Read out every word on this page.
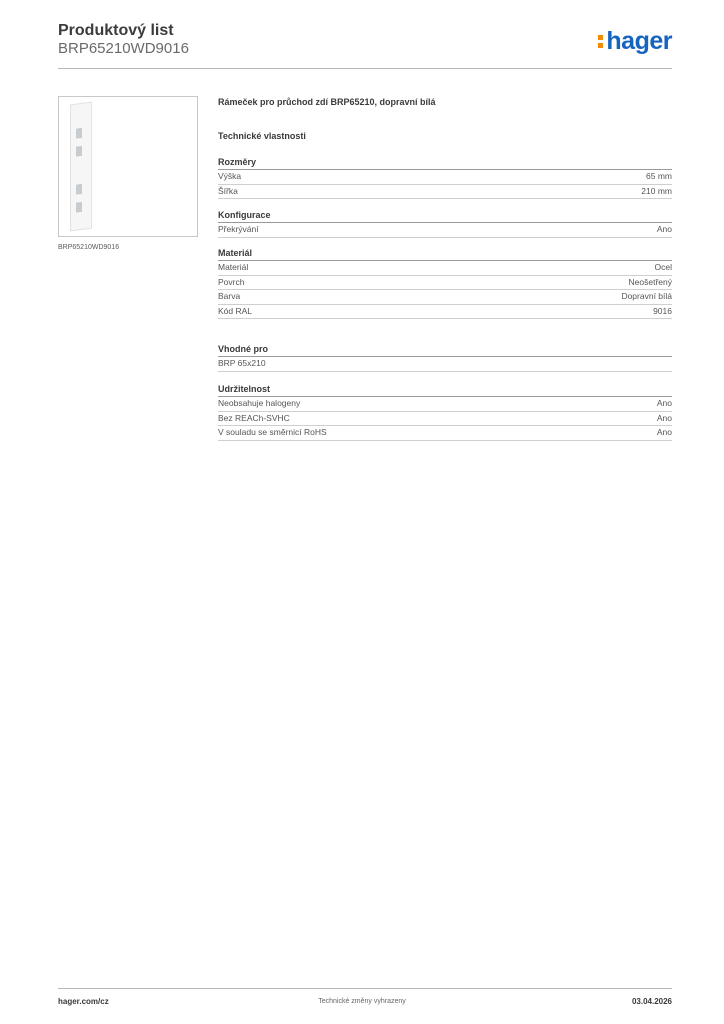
Produktový list
BRP65210WD9016	hager
BRP65210WD9016
Rámeček pro průchod zdí BRP65210, dopravní bílá
Technické vlastnosti
Rozměry
Výška	65 mm
Šířka	210 mm
Konfigurace
Překrývání	Ano
Materiál
Materiál	Ocel
Povrch	Neošetřený
Barva	Dopravní bílá
Kód RAL	9016
Vhodné pro
BRP 65x210
Udržitelnost
Neobsahuje halogeny	Ano
Bez REACh-SVHC	Ano
V souladu se směrnicí RoHS	Ano
hager.com/cz	Technické změny vyhrazeny	03.04.2026
